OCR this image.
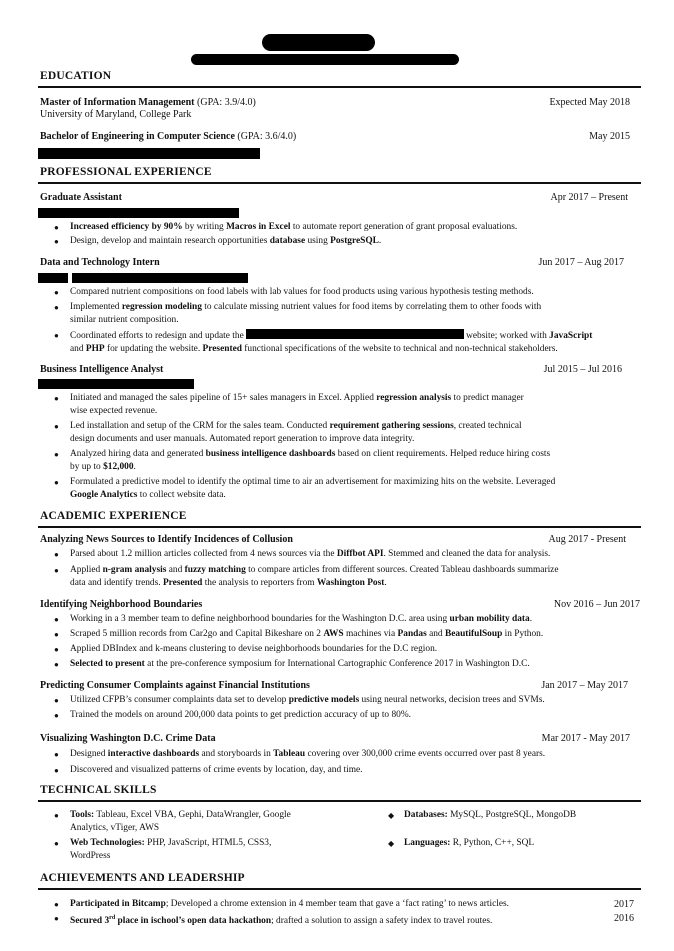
EDUCATION
Master of Information Management (GPA: 3.9/4.0)	Expected May 2018
University of Maryland, College Park
Bachelor of Engineering in Computer Science (GPA: 3.6/4.0)	May 2015
PROFESSIONAL EXPERIENCE
Graduate Assistant	Apr 2017 – Present
● Increased efficiency by 90% by writing Macros in Excel to automate report generation of grant proposal evaluations.
● Design, develop and maintain research opportunities database using PostgreSQL.
Data and Technology Intern	Jun 2017 – Aug 2017
● Compared nutrient compositions on food labels with lab values for food products using various hypothesis testing methods.
● Implemented regression modeling to calculate missing nutrient values for food items by correlating them to other foods with
similar nutrient composition.
● Coordinated efforts to redesign and update the	website; worked with JavaScript
and PHP for updating the website. Presented functional specifications of the website to technical and non-technical stakeholders.
Business Intelligence Analyst	Jul 2015 – Jul 2016
● Initiated and managed the sales pipeline of 15+ sales managers in Excel. Applied regression analysis to predict manager
wise expected revenue.
● Led installation and setup of the CRM for the sales team. Conducted requirement gathering sessions, created technical
design documents and user manuals. Automated report generation to improve data integrity.
● Analyzed hiring data and generated business intelligence dashboards based on client requirements. Helped reduce hiring costs
by up to $12,000.
● Formulated a predictive model to identify the optimal time to air an advertisement for maximizing hits on the website. Leveraged
Google Analytics to collect website data.
ACADEMIC EXPERIENCE
Analyzing News Sources to Identify Incidences of Collusion	Aug 2017 - Present
● Parsed about 1.2 million articles collected from 4 news sources via the Diffbot API. Stemmed and cleaned the data for analysis.
● Applied n-gram analysis and fuzzy matching to compare articles from different sources. Created Tableau dashboards summarize
data and identify trends. Presented the analysis to reporters from Washington Post.
Identifying Neighborhood Boundaries	Nov 2016 – Jun 2017
● Working in a 3 member team to define neighborhood boundaries for the Washington D.C. area using urban mobility data.
● Scraped 5 million records from Car2go and Capital Bikeshare on 2 AWS machines via Pandas and BeautifulSoup in Python.
● Applied DBIndex and k-means clustering to devise neighborhoods boundaries for the D.C region.
● Selected to present at the pre-conference symposium for International Cartographic Conference 2017 in Washington D.C.
Predicting Consumer Complaints against Financial Institutions	Jan 2017 – May 2017
● Utilized CFPB’s consumer complaints data set to develop predictive models using neural networks, decision trees and SVMs.
● Trained the models on around 200,000 data points to get prediction accuracy of up to 80%.
Visualizing Washington D.C. Crime Data	Mar 2017 - May 2017
● Designed interactive dashboards and storyboards in Tableau covering over 300,000 crime events occurred over past 8 years.
● Discovered and visualized patterns of crime events by location, day, and time.
TECHNICAL SKILLS
● Tools: Tableau, Excel VBA, Gephi, DataWrangler, Google
Analytics, vTiger, AWS
● Web Technologies: PHP, JavaScript, HTML5, CSS3,
WordPress
◆ Databases: MySQL, PostgreSQL, MongoDB
◆ Languages: R, Python, C++, SQL
ACHIEVEMENTS AND LEADERSHIP
● Participated in Bitcamp; Developed a chrome extension in 4 member team that gave a ‘fact rating’ to news articles.	2017
● Secured 3rd place in ischool’s open data hackathon; drafted a solution to assign a safety index to travel routes.	2016
